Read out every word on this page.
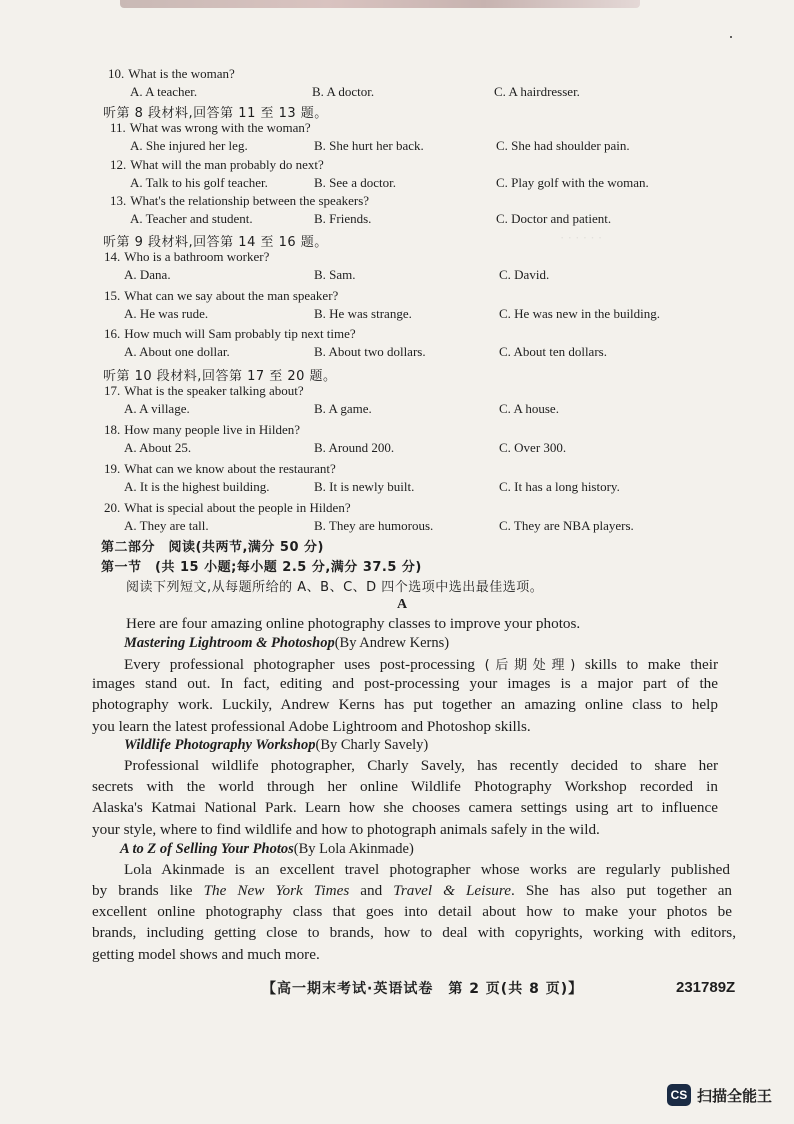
· · · · · ·
10. What is the woman?
A. A teacher.	B. A doctor.	C. A hairdresser.
11. What was wrong with the woman?
A. She injured her leg.	B. She hurt her back.	C. She had shoulder pain.
12. What will the man probably do next?
A. Talk to his golf teacher.	B. See a doctor.	C. Play golf with the woman.
13. What's the relationship between the speakers?
A. Teacher and student.	B. Friends.	C. Doctor and patient.
14. Who is a bathroom worker?
A. Dana.	B. Sam.	C. David.
15. What can we say about the man speaker?
A. He was rude.	B. He was strange.	C. He was new in the building.
16. How much will Sam probably tip next time?
A. About one dollar.	B. About two dollars.	C. About ten dollars.
17. What is the speaker talking about?
A. A village.	B. A game.	C. A house.
18. How many people live in Hilden?
A. About 25.	B. Around 200.	C. Over 300.
19. What can we know about the restaurant?
A. It is the highest building.	B. It is newly built.	C. It has a long history.
20. What is special about the people in Hilden?
A. They are tall.	B. They are humorous.	C. They are NBA players.
听第 8 段材料,回答第 11 至 13 题。
听第 9 段材料,回答第 14 至 16 题。
听第 10 段材料,回答第 17 至 20 题。
第二部分　阅读(共两节,满分 50 分)
第一节　(共 15 小题;每小题 2.5 分,满分 37.5 分)
阅读下列短文,从每题所给的 A、B、C、D 四个选项中选出最佳选项。
A
Here are four amazing online photography classes to improve your photos.
Mastering Lightroom & Photoshop(By Andrew Kerns)
Every professional photographer uses post-processing (后期处理) skills to make their
images stand out. In fact, editing and post-processing your images is a major part of the
photography work. Luckily, Andrew Kerns has put together an amazing online class to help
you learn the latest professional Adobe Lightroom and Photoshop skills.
Wildlife Photography Workshop(By Charly Savely)
Professional wildlife photographer, Charly Savely, has recently decided to share her
secrets with the world through her online Wildlife Photography Workshop recorded in
Alaska's Katmai National Park. Learn how she chooses camera settings using art to influence
your style, where to find wildlife and how to photograph animals safely in the wild.
A to Z of Selling Your Photos(By Lola Akinmade)
Lola Akinmade is an excellent travel photographer whose works are regularly published
by brands like The New York Times and Travel & Leisure. She has also put together an
excellent online photography class that goes into detail about how to make your photos be
brands, including getting close to brands, how to deal with copyrights, working with editors,
getting model shows and much more.
【高一期末考试·英语试卷　第 2 页(共 8 页)】	231789Z
CS 扫描全能王
